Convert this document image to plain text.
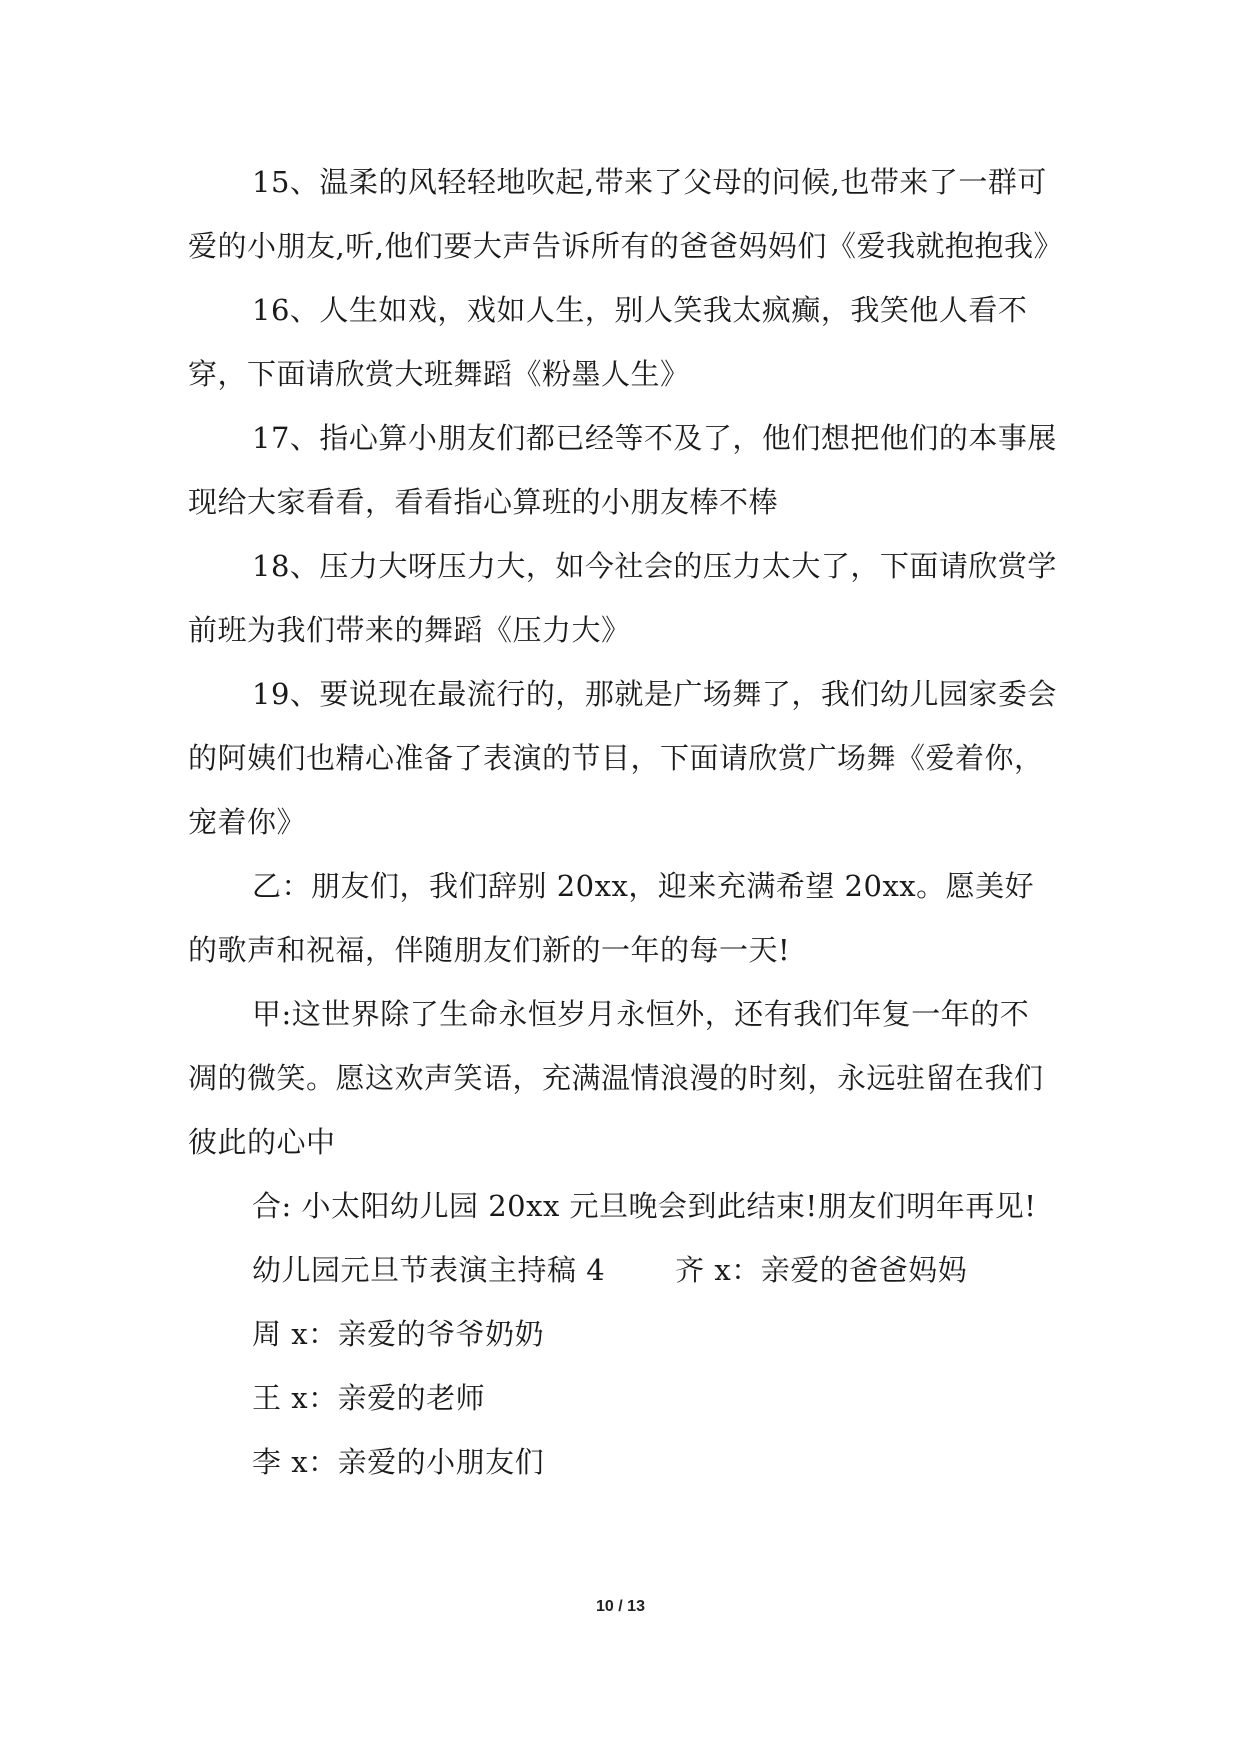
15、温柔的风轻轻地吹起,带来了父母的问候,也带来了一群可爱的小朋友,听,他们要大声告诉所有的爸爸妈妈们《爱我就抱抱我》

16、人生如戏，戏如人生，别人笑我太疯癫，我笑他人看不穿，下面请欣赏大班舞蹈《粉墨人生》

17、指心算小朋友们都已经等不及了，他们想把他们的本事展现给大家看看，看看指心算班的小朋友棒不棒

18、压力大呀压力大，如今社会的压力太大了，下面请欣赏学前班为我们带来的舞蹈《压力大》

19、要说现在最流行的，那就是广场舞了，我们幼儿园家委会的阿姨们也精心准备了表演的节目，下面请欣赏广场舞《爱着你，宠着你》

乙：朋友们，我们辞别 20xx，迎来充满希望 20xx。愿美好的歌声和祝福，伴随朋友们新的一年的每一天!

甲:这世界除了生命永恒岁月永恒外，还有我们年复一年的不凋的微笑。愿这欢声笑语，充满温情浪漫的时刻，永远驻留在我们彼此的心中

合: 小太阳幼儿园 20xx 元旦晚会到此结束!朋友们明年再见!

幼儿园元旦节表演主持稿 4 齐 x：亲爱的爸爸妈妈

周 x：亲爱的爷爷奶奶

王 x：亲爱的老师

李 x：亲爱的小朋友们

10 / 13
